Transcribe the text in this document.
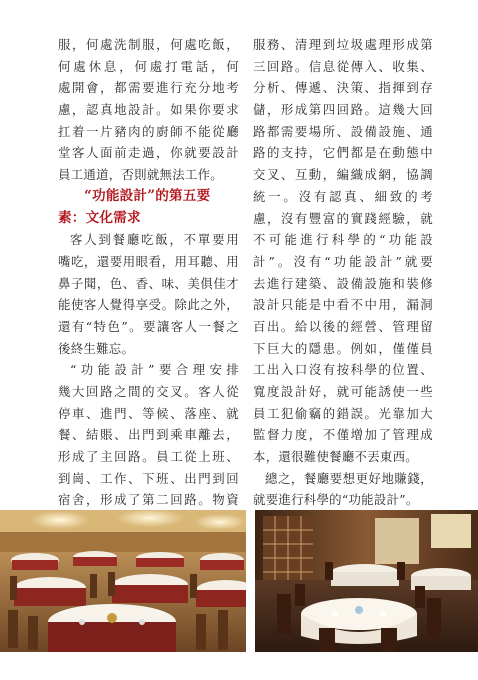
服，何處洗制服，何處吃飯，
何處休息，何處打電話，何
處開會，都需要進行充分地考
慮，認真地設計。如果你要求
扛着一片豬肉的廚師不能從廳
堂客人面前走過，你就要設計
員工通道，否則就無法工作。
“功能設計”的第五要
素：文化需求
客人到餐廳吃飯，不單要用
嘴吃，還要用眼看，用耳聽、用
鼻子聞，色、香、味、美俱佳才
能使客人覺得享受。除此之外，
還有“特色”。要讓客人一餐之
後終生難忘。
“功能設計”要合理安排
幾大回路之間的交叉。客人從
停車、進門、等候、落座、就
餐、結賬、出門到乘車離去，
形成了主回路。員工從上班、
到崗、工作、下班、出門到回
宿舍，形成了第二回路。物資
服務、清理到垃圾處理形成第
三回路。信息從傳入、收集、
分析、傳遞、決策、指揮到存
儲，形成第四回路。這幾大回
路都需要場所、設備設施、通
路的支持，它們都是在動態中
交叉、互動，編織成網，協調
統一。沒有認真、細致的考
慮，沒有豐富的實踐經驗，就
不可能進行科學的“功能設
計”。沒有“功能設計”就要
去進行建築、設備設施和裝修
設計只能是中看不中用，漏洞
百出。給以後的經營、管理留
下巨大的隱患。例如，僅僅員
工出入口沒有按科學的位置、
寬度設計好，就可能誘使一些
員工犯偷竊的錯誤。光靠加大
監督力度，不僅增加了管理成
本，還很難使餐廳不丟東西。
總之，餐廳要想更好地賺錢，
就要進行科學的“功能設計”。
